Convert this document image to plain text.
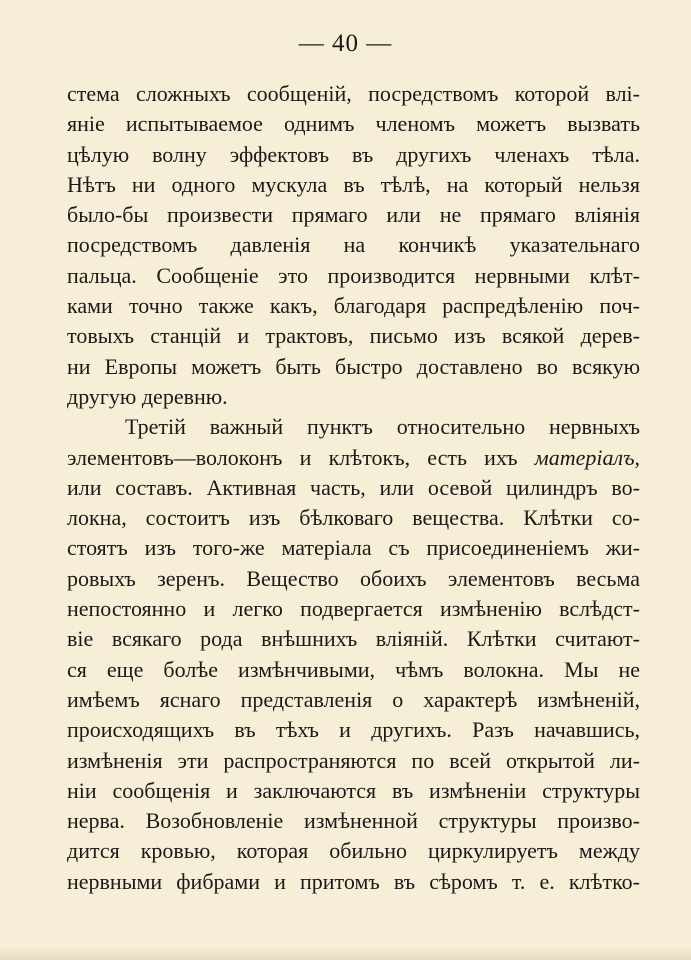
— 40 —
стема сложныхъ сообщеній, посредствомъ которой влі-
яніе испытываемое однимъ членомъ можетъ вызвать
цѣлую волну эффектовъ въ другихъ членахъ тѣла.
Нѣтъ ни одного мускула въ тѣлѣ, на который нельзя
было-бы произвести прямаго или не прямаго вліянія
посредствомъ давленія на кончикѣ указательнаго
пальца. Сообщеніе это производится нервными клѣт-
ками точно также какъ, благодаря распредѣленію поч-
товыхъ станцій и трактовъ, письмо изъ всякой дерев-
ни Европы можетъ быть быстро доставлено во всякую
другую деревню.
Третій важный пунктъ относительно нервныхъ
элементовъ—волоконъ и клѣтокъ, есть ихъ матеріалъ,
или составъ. Активная часть, или осевой цилиндръ во-
локна, состоитъ изъ бѣлковаго вещества. Клѣтки со-
стоятъ изъ того-же матеріала съ присоединеніемъ жи-
ровыхъ зеренъ. Вещество обоихъ элементовъ весьма
непостоянно и легко подвергается измѣненію вслѣдст-
віе всякаго рода внѣшнихъ вліяній. Клѣтки считают-
ся еще болѣе измѣнчивыми, чѣмъ волокна. Мы не
имѣемъ яснаго представленія о характерѣ измѣненій,
происходящихъ въ тѣхъ и другихъ. Разъ начавшись,
измѣненія эти распространяются по всей открытой ли-
ніи сообщенія и заключаются въ измѣненіи структуры
нерва. Возобновленіе измѣненной структуры произво-
дится кровью, которая обильно циркулируетъ между
нервными фибрами и притомъ въ сѣромъ т. е. клѣтко-
